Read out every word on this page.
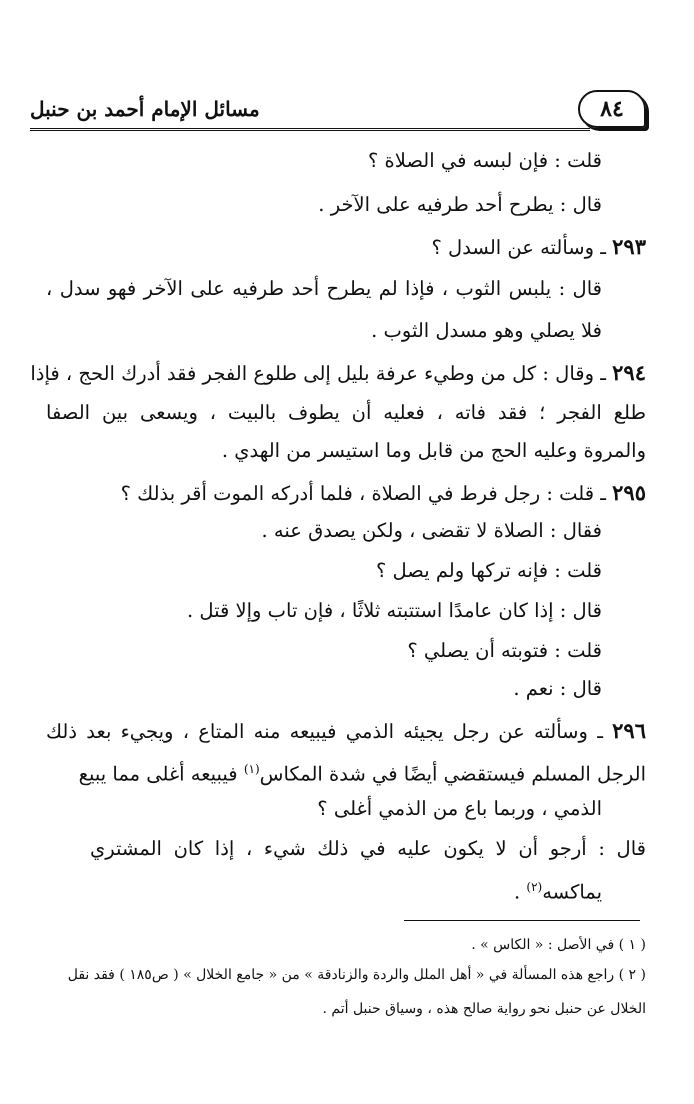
٨٤
مسائل الإمام أحمد بن حنبل
قلت : فإن لبسه في الصلاة ؟
قال : يطرح أحد طرفيه على الآخر .
٢٩٣ ـ وسألته عن السدل ؟
قال : يلبس الثوب ، فإذا لم يطرح أحد طرفيه على الآخر فهو سدل ،
فلا يصلي وهو مسدل الثوب .
٢٩٤ ـ وقال : كل من وطيء عرفة بليل إلى طلوع الفجر فقد أدرك الحج ، فإذا
طلع الفجر ؛ فقد فاته ، فعليه أن يطوف بالبيت ، ويسعى بين الصفا
والمروة وعليه الحج من قابل وما استيسر من الهدي .
٢٩٥ ـ قلت : رجل فرط في الصلاة ، فلما أدركه الموت أقر بذلك ؟
فقال : الصلاة لا تقضى ، ولكن يصدق عنه .
قلت : فإنه تركها ولم يصل ؟
قال : إذا كان عامدًا استتبته ثلاثًا ، فإن تاب وإلا قتل .
قلت : فتوبته أن يصلي ؟
قال : نعم .
٢٩٦ ـ وسألته عن رجل يجيئه الذمي فيبيعه منه المتاع ، ويجيء بعد ذلك
الرجل المسلم فيستقضي أيضًا في شدة المكاس$^{(١)}$ فيبيعه أغلى مما يبيع
الذمي ، وربما باع من الذمي أغلى ؟
قال : أرجو أن لا يكون عليه في ذلك شيء ، إذا كان المشتري
يماكسه$^{(٢)}$ .
( ١ ) في الأصل : « الكاس » .
( ٢ ) راجع هذه المسألة في « أهل الملل والردة والزنادقة » من « جامع الخلال » ( ص١٨٥ ) فقد نقل
الخلال عن حنبل نحو رواية صالح هذه ، وسياق حنبل أتم .
